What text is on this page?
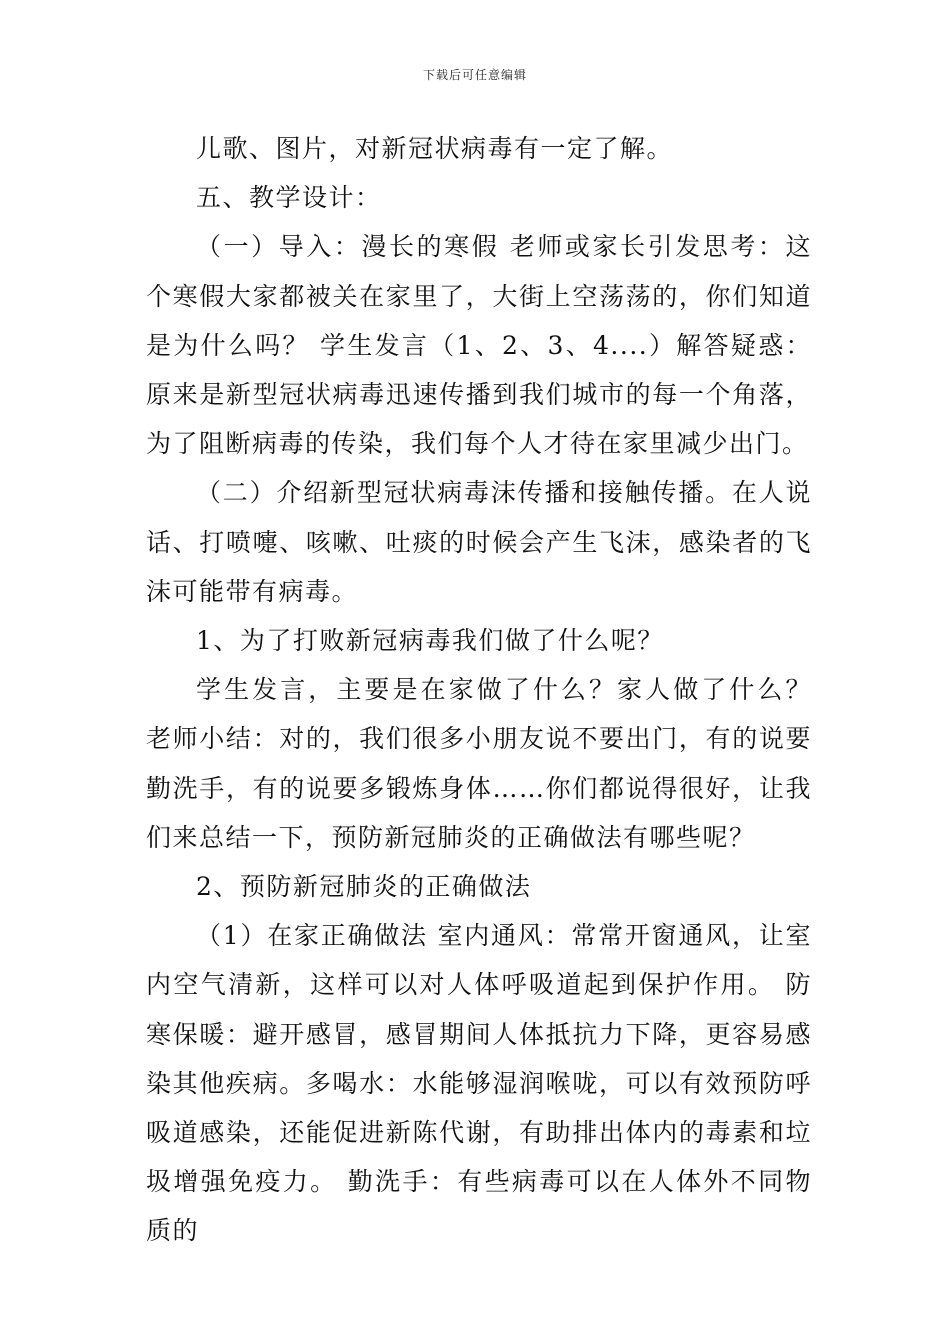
下载后可任意编辑

儿歌、图片，对新冠状病毒有一定了解。

五、教学设计：

（一）导入：漫长的寒假 老师或家长引发思考：这个寒假大家都被关在家里了，大街上空荡荡的，你们知道是为什么吗？ 学生发言（1、2、3、4....）解答疑惑：原来是新型冠状病毒迅速传播到我们城市的每一个角落，为了阻断病毒的传染，我们每个人才待在家里减少出门。

（二）介绍新型冠状病毒沫传播和接触传播。在人说话、打喷嚏、咳嗽、吐痰的时候会产生飞沫，感染者的飞沫可能带有病毒。

1、为了打败新冠病毒我们做了什么呢？

学生发言，主要是在家做了什么？家人做了什么？ 老师小结：对的，我们很多小朋友说不要出门，有的说要勤洗手，有的说要多锻炼身体……你们都说得很好，让我们来总结一下，预防新冠肺炎的正确做法有哪些呢？

2、预防新冠肺炎的正确做法

（1）在家正确做法 室内通风：常常开窗通风，让室内空气清新，这样可以对人体呼吸道起到保护作用。 防寒保暖：避开感冒，感冒期间人体抵抗力下降，更容易感染其他疾病。多喝水：水能够湿润喉咙，可以有效预防呼吸道感染，还能促进新陈代谢，有助排出体内的毒素和垃圾增强免疫力。 勤洗手：有些病毒可以在人体外不同物质的
